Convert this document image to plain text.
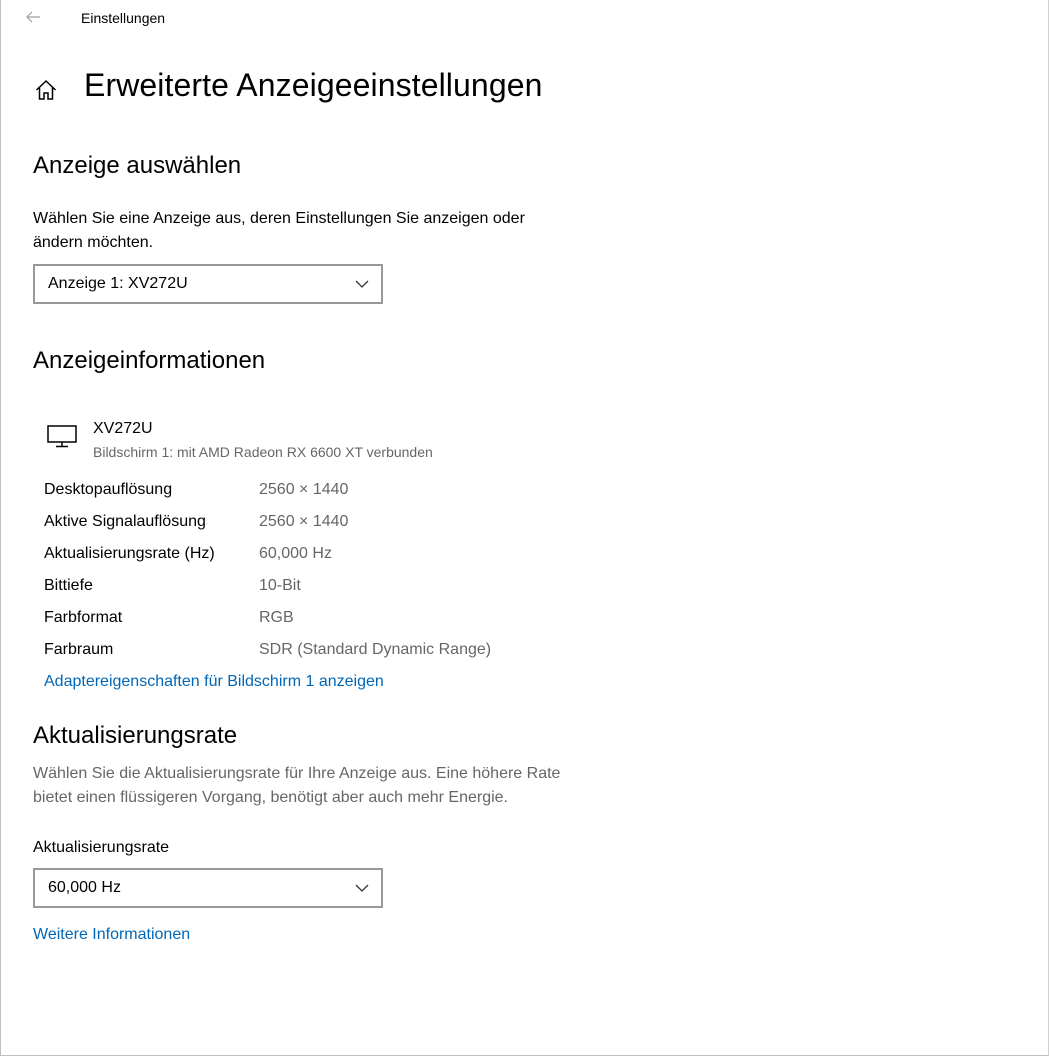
Einstellungen
Erweiterte Anzeigeeinstellungen
Anzeige auswählen
Wählen Sie eine Anzeige aus, deren Einstellungen Sie anzeigen oder ändern möchten.
Anzeige 1: XV272U
Anzeigeinformationen
XV272U
Bildschirm 1: mit AMD Radeon RX 6600 XT verbunden
Desktopauflösung	2560 × 1440
Aktive Signalauflösung	2560 × 1440
Aktualisierungsrate (Hz)	60,000 Hz
Bittiefe	10-Bit
Farbformat	RGB
Farbraum	SDR (Standard Dynamic Range)
Adaptereigenschaften für Bildschirm 1 anzeigen
Aktualisierungsrate
Wählen Sie die Aktualisierungsrate für Ihre Anzeige aus. Eine höhere Rate bietet einen flüssigeren Vorgang, benötigt aber auch mehr Energie.
Aktualisierungsrate
60,000 Hz
Weitere Informationen
